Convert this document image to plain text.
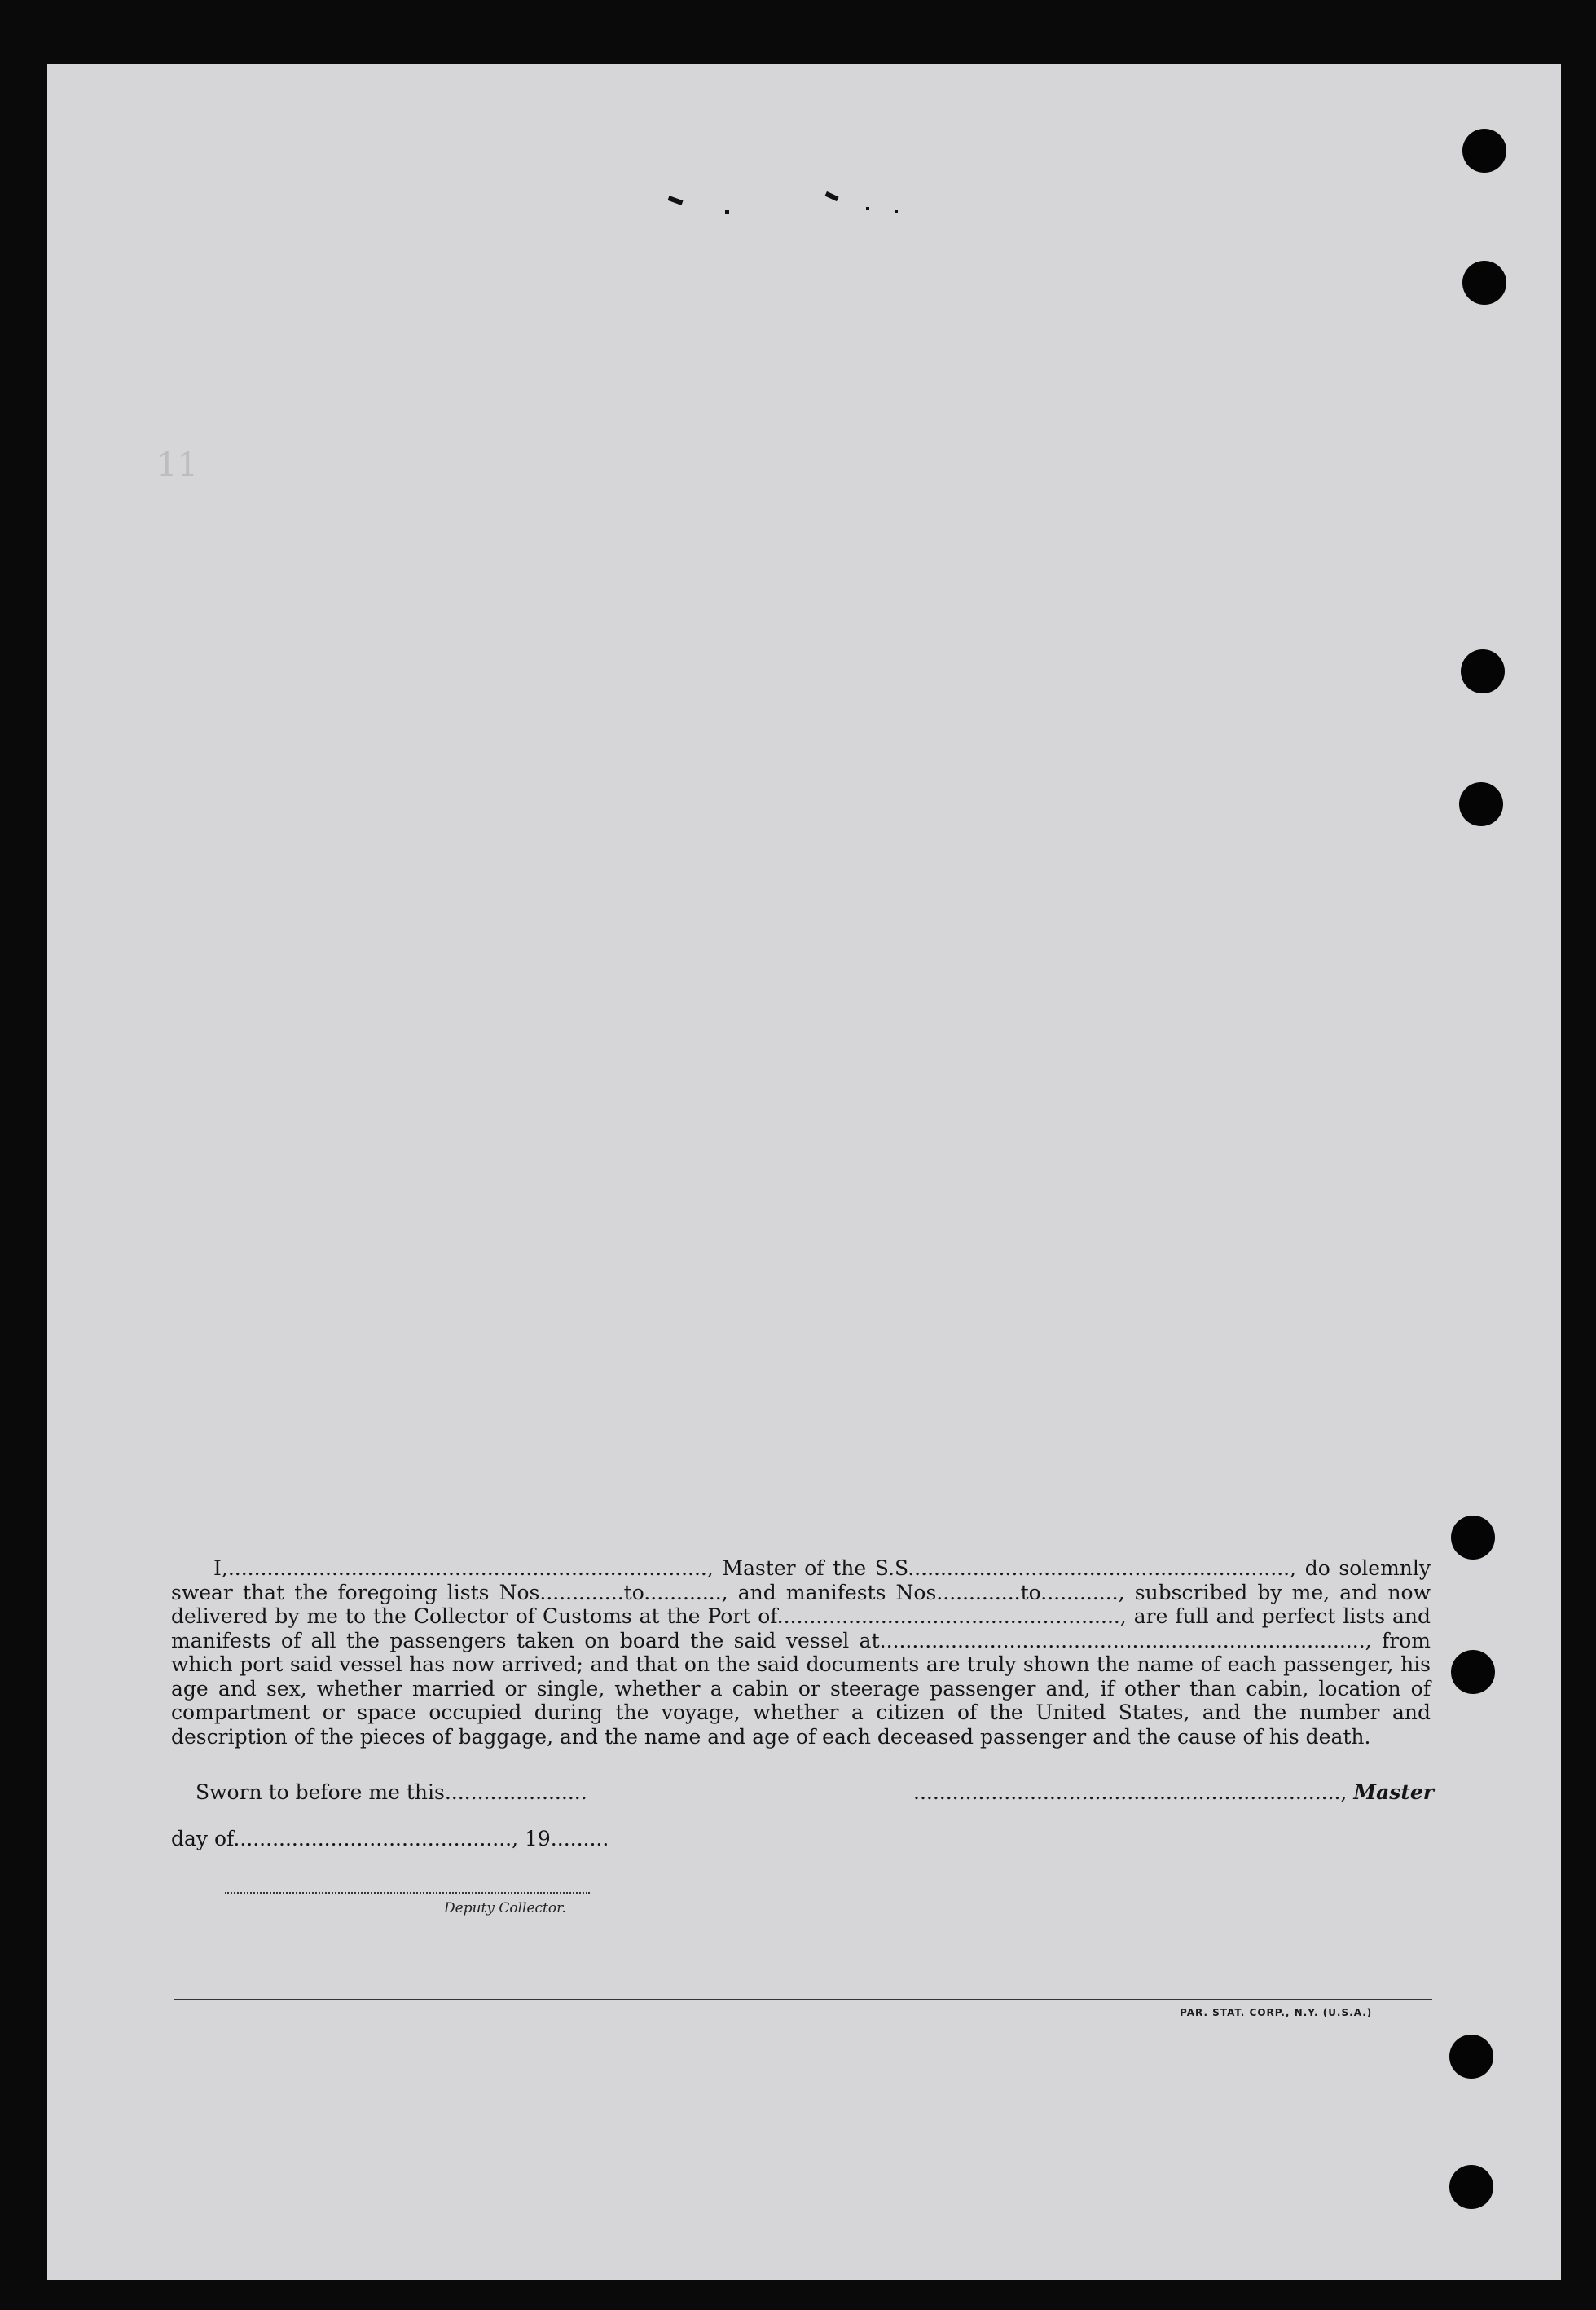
11

I,.........................................................................., Master of the S.S..........................................................., do solemnly swear that the foregoing lists Nos.............to............, and manifests Nos.............to............, subscribed by me, and now delivered by me to the Collector of Customs at the Port of....................................................., are full and perfect lists and manifests of all the passengers taken on board the said vessel at..........................................................................., from which port said vessel has now arrived; and that on the said documents are truly shown the name of each passenger, his age and sex, whether married or single, whether a cabin or steerage passenger and, if other than cabin, location of compartment or space occupied during the voyage, whether a citizen of the United States, and the number and description of the pieces of baggage, and the name and age of each deceased passenger and the cause of his death.

Sworn to before me this......................	.................................................................., Master
day of..........................................., 19.........
Deputy Collector.
PAR. STAT. CORP., N.Y. (U.S.A.)
